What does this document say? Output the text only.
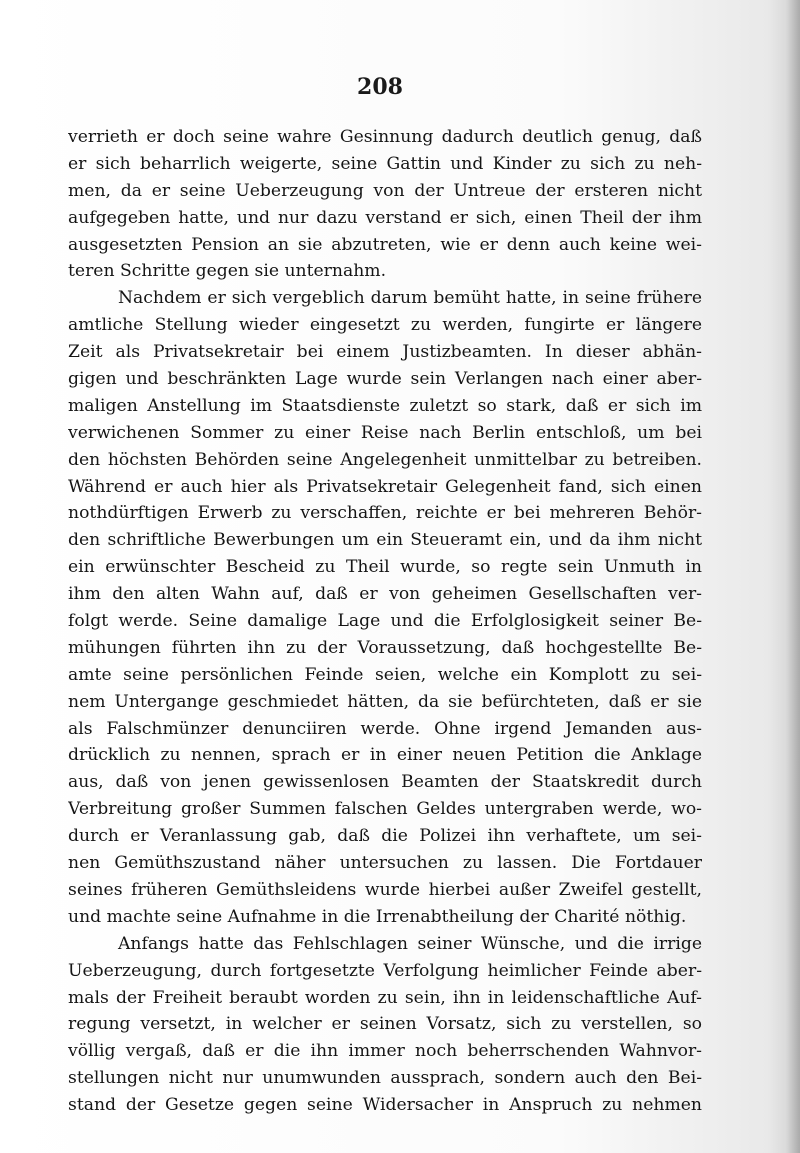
208
verrieth er doch seine wahre Gesinnung dadurch deutlich genug, daß
er sich beharrlich weigerte, seine Gattin und Kinder zu sich zu neh-
men, da er seine Ueberzeugung von der Untreue der ersteren nicht
aufgegeben hatte, und nur dazu verstand er sich, einen Theil der ihm
ausgesetzten Pension an sie abzutreten, wie er denn auch keine wei-
teren Schritte gegen sie unternahm.
Nachdem er sich vergeblich darum bemüht hatte, in seine frühere
amtliche Stellung wieder eingesetzt zu werden, fungirte er längere
Zeit als Privatsekretair bei einem Justizbeamten. In dieser abhän-
gigen und beschränkten Lage wurde sein Verlangen nach einer aber-
maligen Anstellung im Staatsdienste zuletzt so stark, daß er sich im
verwichenen Sommer zu einer Reise nach Berlin entschloß, um bei
den höchsten Behörden seine Angelegenheit unmittelbar zu betreiben.
Während er auch hier als Privatsekretair Gelegenheit fand, sich einen
nothdürftigen Erwerb zu verschaffen, reichte er bei mehreren Behör-
den schriftliche Bewerbungen um ein Steueramt ein, und da ihm nicht
ein erwünschter Bescheid zu Theil wurde, so regte sein Unmuth in
ihm den alten Wahn auf, daß er von geheimen Gesellschaften ver-
folgt werde. Seine damalige Lage und die Erfolglosigkeit seiner Be-
mühungen führten ihn zu der Voraussetzung, daß hochgestellte Be-
amte seine persönlichen Feinde seien, welche ein Komplott zu sei-
nem Untergange geschmiedet hätten, da sie befürchteten, daß er sie
als Falschmünzer denunciiren werde. Ohne irgend Jemanden aus-
drücklich zu nennen, sprach er in einer neuen Petition die Anklage
aus, daß von jenen gewissenlosen Beamten der Staatskredit durch
Verbreitung großer Summen falschen Geldes untergraben werde, wo-
durch er Veranlassung gab, daß die Polizei ihn verhaftete, um sei-
nen Gemüthszustand näher untersuchen zu lassen. Die Fortdauer
seines früheren Gemüthsleidens wurde hierbei außer Zweifel gestellt,
und machte seine Aufnahme in die Irrenabtheilung der Charité nöthig.
Anfangs hatte das Fehlschlagen seiner Wünsche, und die irrige
Ueberzeugung, durch fortgesetzte Verfolgung heimlicher Feinde aber-
mals der Freiheit beraubt worden zu sein, ihn in leidenschaftliche Auf-
regung versetzt, in welcher er seinen Vorsatz, sich zu verstellen, so
völlig vergaß, daß er die ihn immer noch beherrschenden Wahnvor-
stellungen nicht nur unumwunden aussprach, sondern auch den Bei-
stand der Gesetze gegen seine Widersacher in Anspruch zu nehmen
